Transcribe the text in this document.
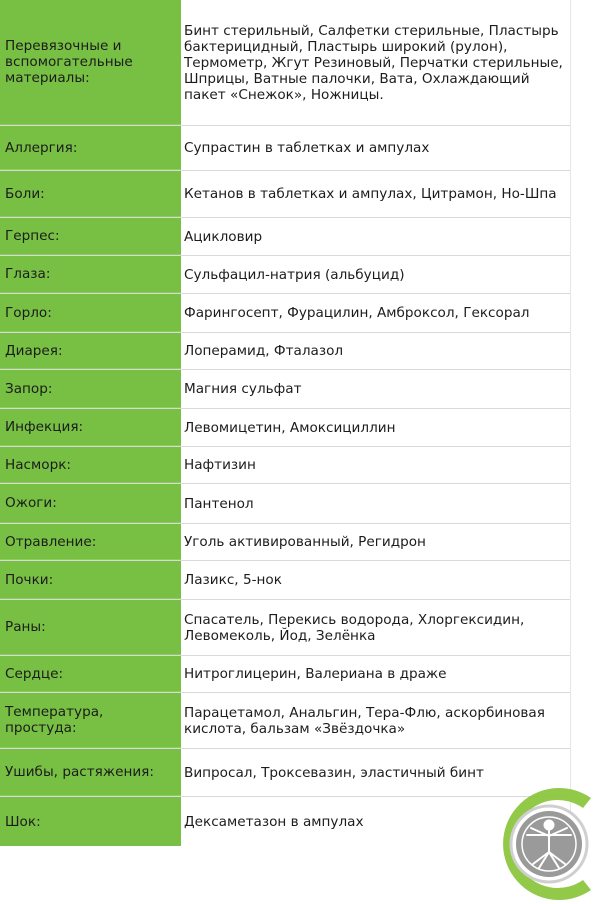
Перевязочные и вспомогательные материалы:
Бинт стерильный, Салфетки стерильные, Пластырь бактерицидный, Пластырь широкий (рулон), Термометр, Жгут Резиновый, Перчатки стерильные, Шприцы, Ватные палочки, Вата, Охлаждающий пакет «Снежок», Ножницы.
Аллергия:	Супрастин в таблетках и ампулах
Боли:	Кетанов в таблетках и ампулах, Цитрамон, Но-Шпа
Герпес:	Ацикловир
Глаза:	Сульфацил-натрия (альбуцид)
Горло:	Фарингосепт, Фурацилин, Амброксол, Гексорал
Диарея:	Лоперамид, Фталазол
Запор:	Магния сульфат
Инфекция:	Левомицетин, Амоксициллин
Насморк:	Нафтизин
Ожоги:	Пантенол
Отравление:	Уголь активированный, Регидрон
Почки:	Лазикс, 5-нок
Раны:	Спасатель, Перекись водорода, Хлоргексидин, Левомеколь, Йод, Зелёнка
Сердце:	Нитроглицерин, Валериана в драже
Температура, простуда:
Парацетамол, Анальгин, Тера-Флю, аскорбиновая кислота, бальзам «Звёздочка»
Ушибы, растяжения: Випросал, Троксевазин, эластичный бинт
Шок:	Дексаметазон в ампулах
